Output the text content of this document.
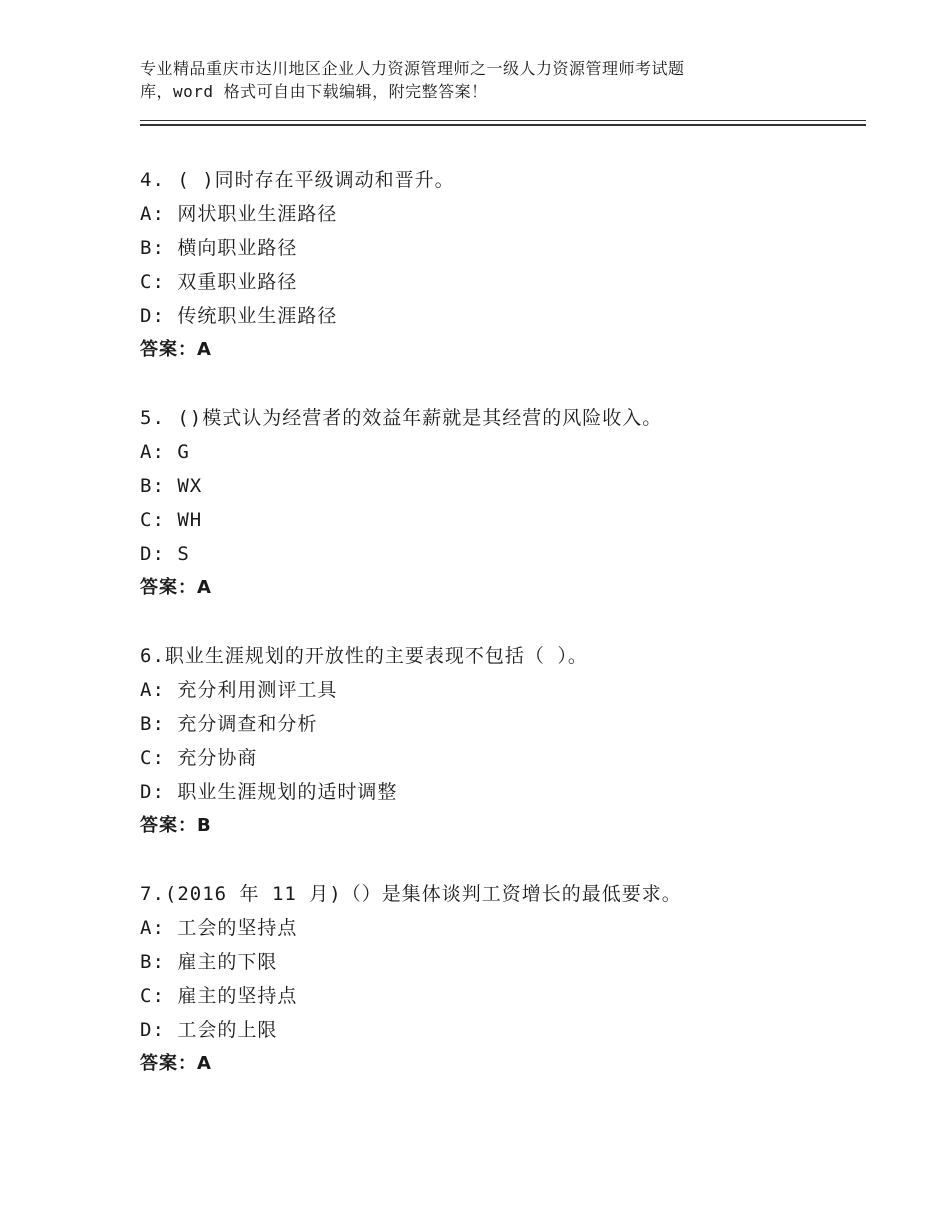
专业精品重庆市达川地区企业人力资源管理师之一级人力资源管理师考试题
库，word 格式可自由下载编辑，附完整答案！
4. ( )同时存在平级调动和晋升。
A: 网状职业生涯路径
B: 横向职业路径
C: 双重职业路径
D: 传统职业生涯路径
答案：A
5. ()模式认为经营者的效益年薪就是其经营的风险收入。
A: G
B: WX
C: WH
D: S
答案：A
6.职业生涯规划的开放性的主要表现不包括（ ）。
A: 充分利用测评工具
B: 充分调查和分析
C: 充分协商
D: 职业生涯规划的适时调整
答案：B
7.(2016 年 11 月)（）是集体谈判工资增长的最低要求。
A: 工会的坚持点
B: 雇主的下限
C: 雇主的坚持点
D: 工会的上限
答案：A
